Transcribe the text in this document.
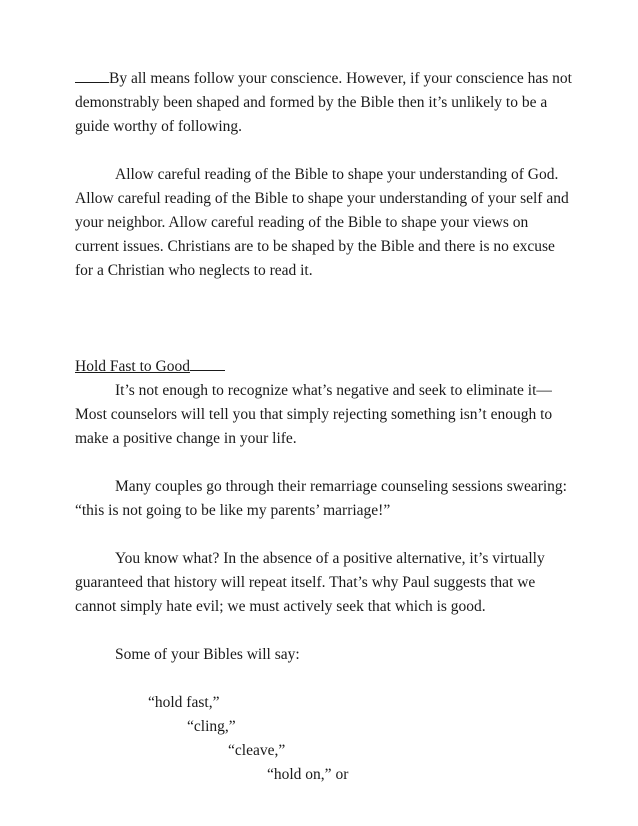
By all means follow your conscience. However, if your conscience has not demonstrably been shaped and formed by the Bible then it’s unlikely to be a guide worthy of following.

Allow careful reading of the Bible to shape your understanding of God. Allow careful reading of the Bible to shape your understanding of your self and your neighbor. Allow careful reading of the Bible to shape your views on current issues. Christians are to be shaped by the Bible and there is no excuse for a Christian who neglects to read it.

Hold Fast to Good

It’s not enough to recognize what’s negative and seek to eliminate it—Most counselors will tell you that simply rejecting something isn’t enough to make a positive change in your life.

Many couples go through their remarriage counseling sessions swearing: “this is not going to be like my parents’ marriage!”

You know what? In the absence of a positive alternative, it’s virtually guaranteed that history will repeat itself. That’s why Paul suggests that we cannot simply hate evil; we must actively seek that which is good.

Some of your Bibles will say:

“hold fast,”
“cling,”
“cleave,”
“hold on,” or
